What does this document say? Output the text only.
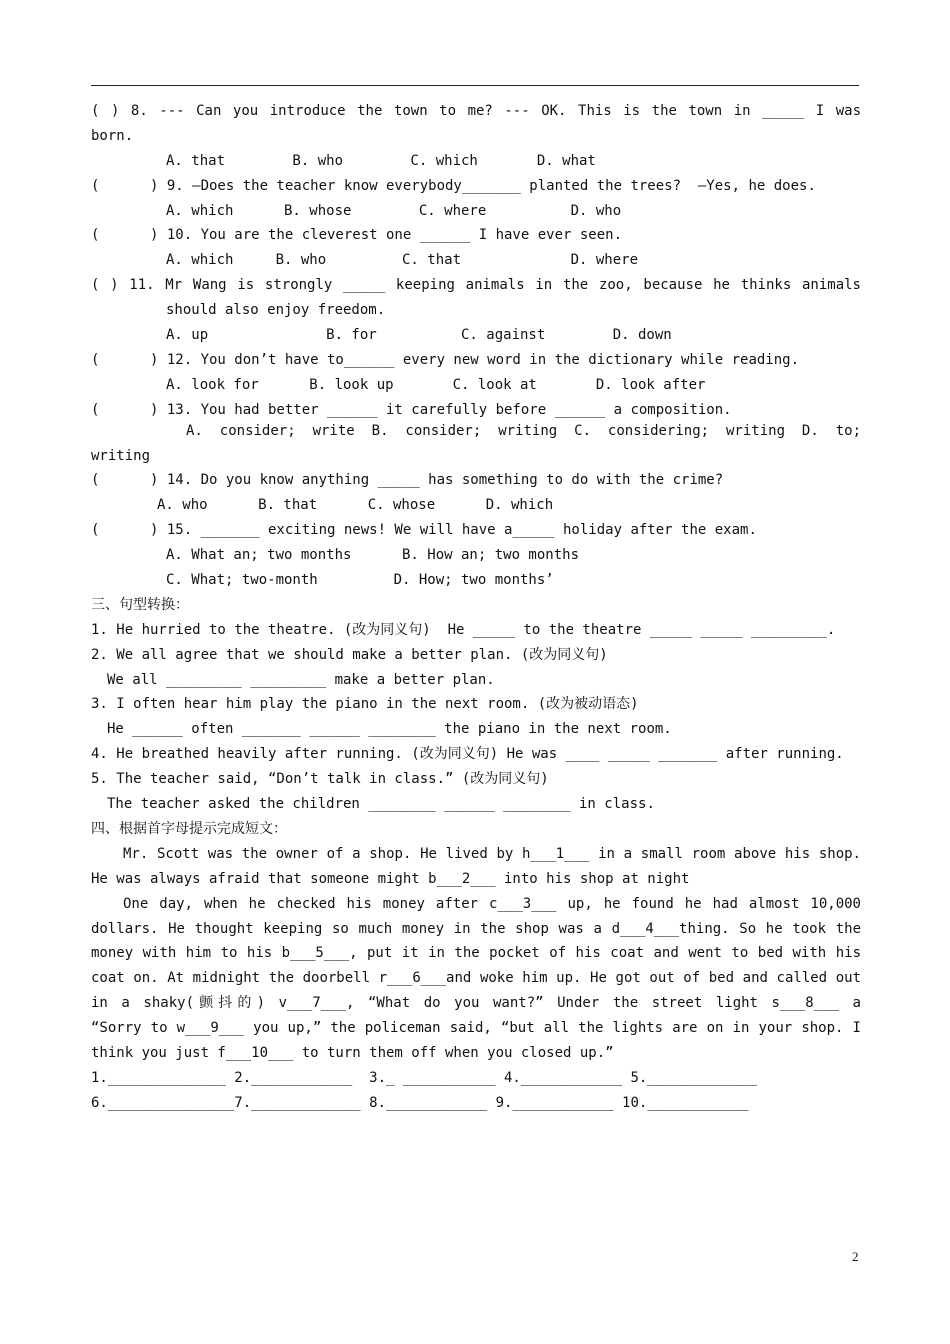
( ) 8. --- Can you introduce the town to me? --- OK. This is the town in _____ I was
born.
A. that        B. who        C. which       D. what
(      ) 9. —Does the teacher know everybody_______ planted the trees?  —Yes, he does.
A. which      B. whose        C. where          D. who
(      ) 10. You are the cleverest one ______ I have ever seen.
A. which     B. who         C. that             D. where
( ) 11. Mr Wang is strongly _____ keeping animals in the zoo, because he thinks animals
should also enjoy freedom.
A. up              B. for          C. against        D. down
(      ) 12. You don’t have to______ every new word in the dictionary while reading.
A. look for      B. look up       C. look at       D. look after
(      ) 13. You had better ______ it carefully before ______ a composition.
A. consider; write B. consider; writing C. considering; writing D. to;
writing
(      ) 14. Do you know anything _____ has something to do with the crime?
A. who      B. that      C. whose      D. which
(      ) 15. _______ exciting news! We will have a_____ holiday after the exam.
A. What an; two months      B. How an; two months
C. What; two-month         D. How; two months’
三、句型转换：
1. He hurried to the theatre. (改为同义句)  He _____ to the theatre _____ _____ _________.
2. We all agree that we should make a better plan. (改为同义句)
We all _________ _________ make a better plan.
3. I often hear him play the piano in the next room. (改为被动语态)
He ______ often _______ ______ ________ the piano in the next room.
4. He breathed heavily after running. (改为同义句) He was ____ _____ _______ after running.
5. The teacher said, “Don’t talk in class.” (改为同义句)
The teacher asked the children ________ ______ ________ in class.
四、根据首字母提示完成短文：
Mr. Scott was the owner of a shop. He lived by h___1___ in a small room above his shop.
He was always afraid that someone might b___2___ into his shop at night
One day, when he checked his money after c___3___ up, he found he had almost 10,000
dollars. He thought keeping so much money in the shop was a d___4___thing. So he took the
money with him to his b___5___, put it in the pocket of his coat and went to bed with his
coat on. At midnight the doorbell r___6___and woke him up. He got out of bed and called out
in a shaky(颤抖的) v___7___, “What do you want?” Under the street light s___8___ a
“Sorry to w___9___ you up,” the policeman said, “but all the lights are on in your shop. I
think you just f___10___ to turn them off when you closed up.”
1.______________ 2.____________  3._ ___________ 4.____________ 5._____________
6._______________7._____________ 8.____________ 9.____________ 10.____________
2
